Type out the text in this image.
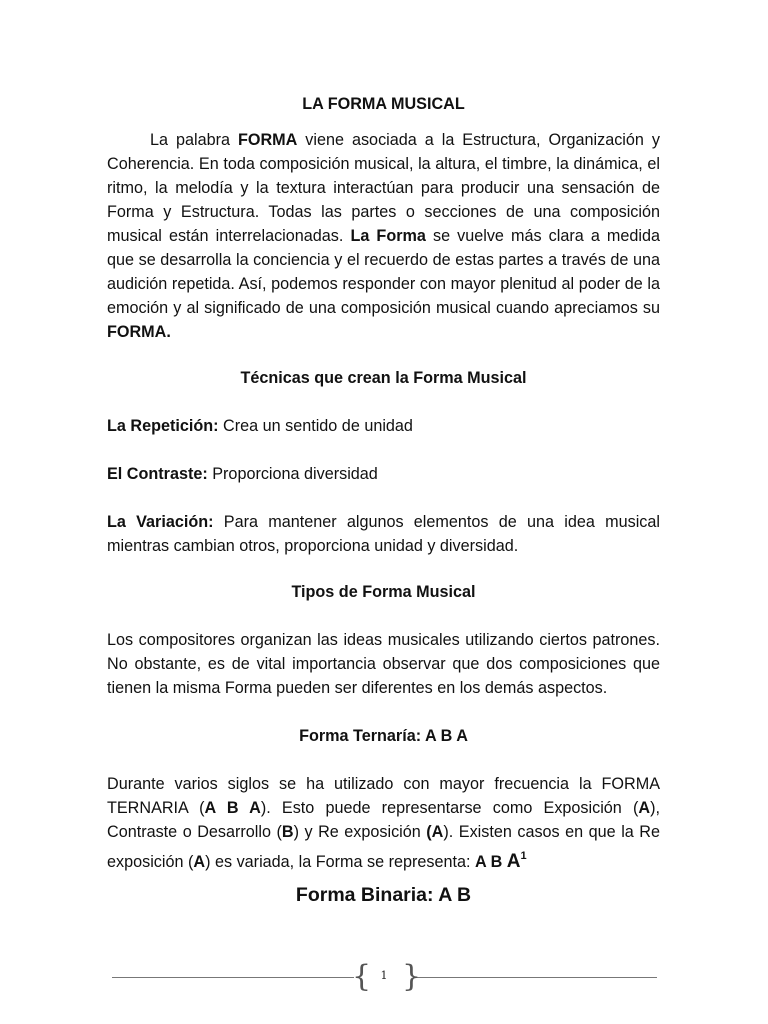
LA FORMA MUSICAL

La palabra FORMA viene asociada a la Estructura, Organización y Coherencia. En toda composición musical, la altura, el timbre, la dinámica, el ritmo, la melodía y la textura interactúan para producir una sensación de Forma y Estructura. Todas las partes o secciones de una composición musical están interrelacionadas. La Forma se vuelve más clara a medida que se desarrolla la conciencia y el recuerdo de estas partes a través de una audición repetida. Así, podemos responder con mayor plenitud al poder de la emoción y al significado de una composición musical cuando apreciamos su FORMA.

Técnicas que crean la Forma Musical

La Repetición: Crea un sentido de unidad

El Contraste: Proporciona diversidad

La Variación: Para mantener algunos elementos de una idea musical mientras cambian otros, proporciona unidad y diversidad.

Tipos de Forma Musical

Los compositores organizan las ideas musicales utilizando ciertos patrones. No obstante, es de vital importancia observar que dos composiciones que tienen la misma Forma pueden ser diferentes en los demás aspectos.

Forma Ternaría: A B A

Durante varios siglos se ha utilizado con mayor frecuencia la FORMA TERNARIA (A B A). Esto puede representarse como Exposición (A), Contraste o Desarrollo (B) y Re exposición (A). Existen casos en que la Re exposición (A) es variada, la Forma se representa: A B $A^1$

Forma Binaria: A B

{ 1 }
